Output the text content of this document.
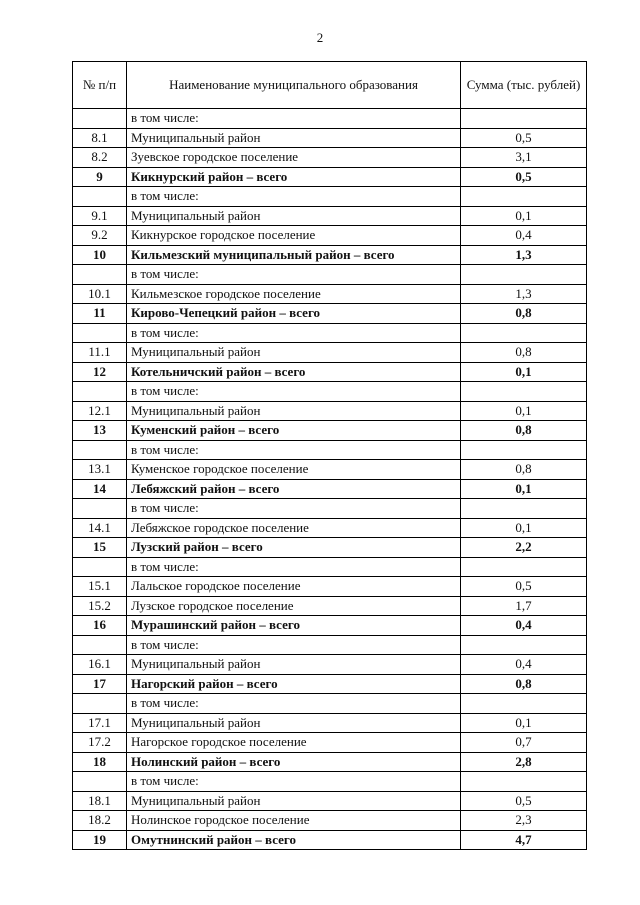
2
№ п/п	Наименование муниципального образования	Сумма (тыс. рублей)
	в том числе:	
8.1	Муниципальный район	0,5
8.2	Зуевское городское поселение	3,1
9	Кикнурский район – всего	0,5
	в том числе:	
9.1	Муниципальный район	0,1
9.2	Кикнурское городское поселение	0,4
10	Кильмезский муниципальный район – всего	1,3
	в том числе:	
10.1	Кильмезское городское поселение	1,3
11	Кирово-Чепецкий район – всего	0,8
	в том числе:	
11.1	Муниципальный район	0,8
12	Котельничский район – всего	0,1
	в том числе:	
12.1	Муниципальный район	0,1
13	Куменский район – всего	0,8
	в том числе:	
13.1	Куменское городское поселение	0,8
14	Лебяжский район – всего	0,1
	в том числе:	
14.1	Лебяжское городское поселение	0,1
15	Лузский район – всего	2,2
	в том числе:	
15.1	Лальское городское поселение	0,5
15.2	Лузское городское поселение	1,7
16	Мурашинский район – всего	0,4
	в том числе:	
16.1	Муниципальный район	0,4
17	Нагорский район – всего	0,8
	в том числе:	
17.1	Муниципальный район	0,1
17.2	Нагорское городское поселение	0,7
18	Нолинский район – всего	2,8
	в том числе:	
18.1	Муниципальный район	0,5
18.2	Нолинское городское поселение	2,3
19	Омутнинский район – всего	4,7
